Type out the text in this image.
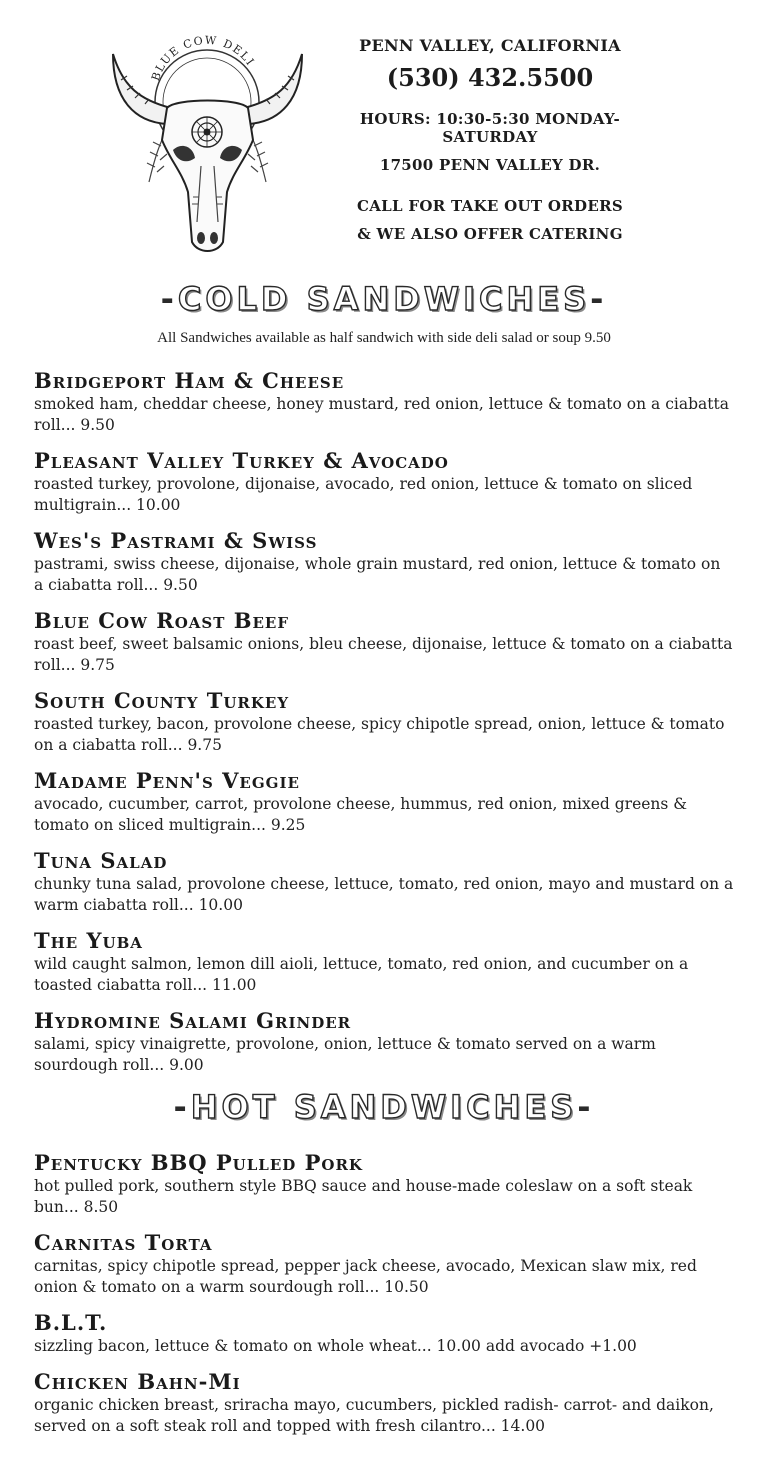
BLUE COW DELI
PENN VALLEY, CALIFORNIA
(530) 432.5500
HOURS: 10:30-5:30 MONDAY-SATURDAY
17500 PENN VALLEY DR.
CALL FOR TAKE OUT ORDERS
& WE ALSO OFFER CATERING
-COLD SANDWICHES-
All Sandwiches available as half sandwich with side deli salad or soup 9.50
Bridgeport Ham & Cheese
smoked ham, cheddar cheese, honey mustard, red onion, lettuce & tomato on a ciabatta roll... 9.50
Pleasant Valley Turkey & Avocado
roasted turkey, provolone, dijonaise, avocado, red onion, lettuce & tomato on sliced multigrain... 10.00
Wes's Pastrami & Swiss
pastrami, swiss cheese, dijonaise, whole grain mustard, red onion, lettuce & tomato on a ciabatta roll... 9.50
Blue Cow Roast Beef
roast beef, sweet balsamic onions, bleu cheese, dijonaise, lettuce & tomato on a ciabatta roll... 9.75
South County Turkey
roasted turkey, bacon, provolone cheese, spicy chipotle spread, onion, lettuce & tomato on a ciabatta roll... 9.75
Madame Penn's Veggie
avocado, cucumber, carrot, provolone cheese, hummus, red onion, mixed greens & tomato on sliced multigrain... 9.25
Tuna Salad
chunky tuna salad, provolone cheese, lettuce, tomato, red onion, mayo and mustard on a warm ciabatta roll... 10.00
The Yuba
wild caught salmon, lemon dill aioli, lettuce, tomato, red onion, and cucumber on a toasted ciabatta roll... 11.00
Hydromine Salami Grinder
salami, spicy vinaigrette, provolone, onion, lettuce & tomato served on a warm sourdough roll... 9.00
-HOT SANDWICHES-
Pentucky BBQ Pulled Pork
hot pulled pork, southern style BBQ sauce and house-made coleslaw on a soft steak bun... 8.50
Carnitas Torta
carnitas, spicy chipotle spread, pepper jack cheese, avocado, Mexican slaw mix, red onion & tomato on a warm sourdough roll... 10.50
B.L.T.
sizzling bacon, lettuce & tomato on whole wheat... 10.00 add avocado +1.00
Chicken Bahn-Mi
organic chicken breast, sriracha mayo, cucumbers, pickled radish- carrot- and daikon, served on a soft steak roll and topped with fresh cilantro... 14.00
